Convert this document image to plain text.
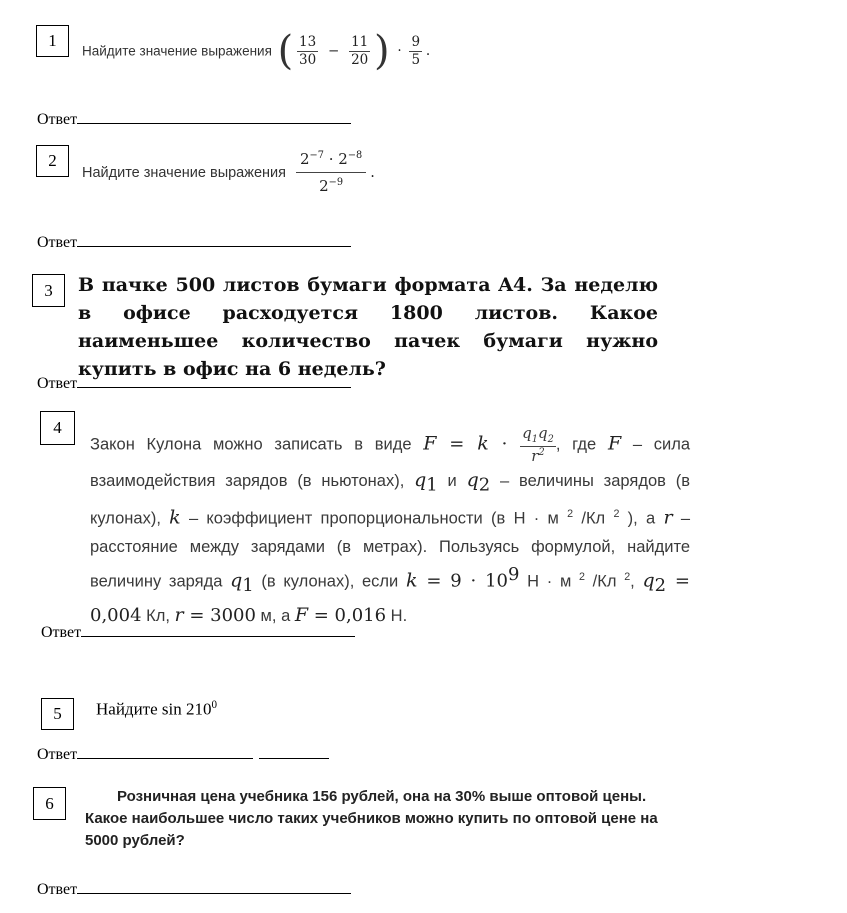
1
Найдите значение выражения ( $\frac{13}{30} - \frac{11}{20}$ ) · $\frac{9}{5}$ .
Ответ
2
Найдите значение выражения $\frac{2^{-7} \cdot 2^{-8}}{2^{-9}}$ .
Ответ
3	В пачке 500 листов бумаги формата A4. За неделю в офисе расходуется 1800 листов. Какое наименьшее количество пачек бумаги нужно купить в офис на 6 недель?
Ответ
4
Закон Кулона можно записать в виде $F = k \cdot \frac{q_1q_2}{r^2}$ , где F – сила взаимодействия зарядов (в ньютонах), $q_1$ и $q_2$ – величины зарядов (в кулонах), k – коэффициент пропорциональности (в Н · м $^2$ /Кл $^2$ ), а r – расстояние между зарядами (в метрах). Пользуясь формулой, найдите величину заряда $q_1$ (в кулонах), если $k = 9 \cdot 10^9$ Н · м $^2$ /Кл $^2$, $q_2 = 0,004$ Кл, r = 3000 м, а F = 0,016 Н.
Ответ
5	Найдите $\sin 210^0$
Ответ
6	Розничная цена учебника 156 рублей, она на 30% выше оптовой цены. Какое наибольшее число таких учебников можно купить по оптовой цене на 5000 рублей?
Ответ
